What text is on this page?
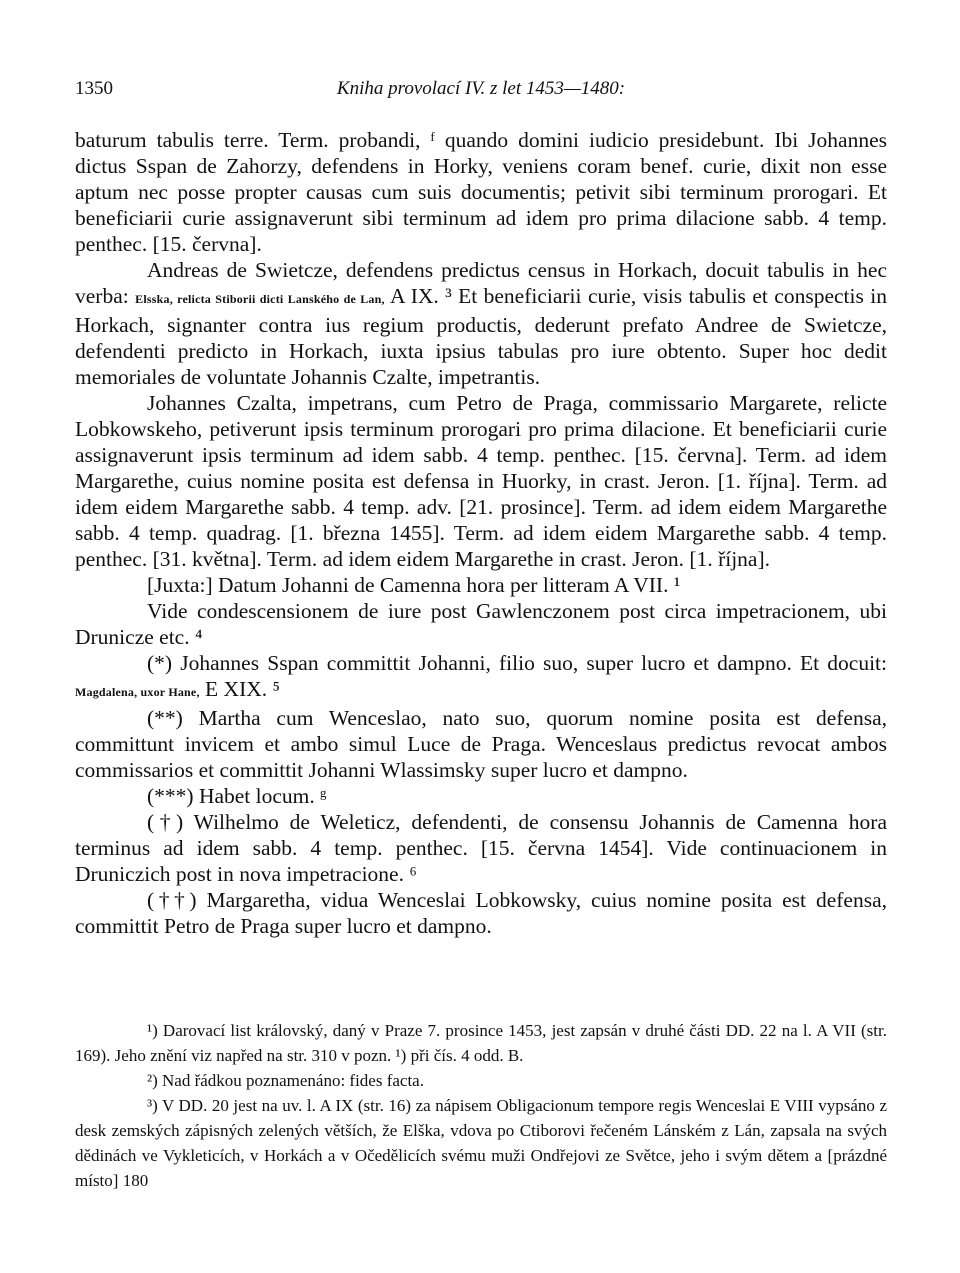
1350	Kniha provolací IV. z let 1453—1480:

baturum tabulis terre. Term. probandi, ᶠ quando domini iudicio presidebunt. Ibi Johannes dictus Sspan de Zahorzy, defendens in Horky, veniens coram benef. curie, dixit non esse aptum nec posse propter causas cum suis documentis; petivit sibi terminum prorogari. Et beneficiarii curie assignaverunt sibi terminum ad idem pro prima dilacione sabb. 4 temp. penthec. [15. června].

Andreas de Swietcze, defendens predictus census in Horkach, docuit tabulis in hec verba: Elsska, relicta Stiborii dicti Lanského de Lan, A IX. ³ Et beneficiarii curie, visis tabulis et conspectis in Horkach, signanter contra ius regium productis, dederunt prefato Andree de Swietcze, defendenti predicto in Horkach, iuxta ipsius tabulas pro iure obtento. Super hoc dedit memoriales de voluntate Johannis Czalte, impetrantis.

Johannes Czalta, impetrans, cum Petro de Praga, commissario Margarete, relicte Lobkowskeho, petiverunt ipsis terminum prorogari pro prima dilacione. Et beneficiarii curie assignaverunt ipsis terminum ad idem sabb. 4 temp. penthec. [15. června]. Term. ad idem Margarethe, cuius nomine posita est defensa in Huorky, in crast. Jeron. [1. října]. Term. ad idem eidem Margarethe sabb. 4 temp. adv. [21. prosince]. Term. ad idem eidem Margarethe sabb. 4 temp. quadrag. [1. března 1455]. Term. ad idem eidem Margarethe sabb. 4 temp. penthec. [31. května]. Term. ad idem eidem Margarethe in crast. Jeron. [1. října].

[Juxta:] Datum Johanni de Camenna hora per litteram A VII. ¹

Vide condescensionem de iure post Gawlenczonem post circa impetracionem, ubi Drunicze etc. ⁴

(*) Johannes Sspan committit Johanni, filio suo, super lucro et dampno. Et docuit: Magdalena, uxor Hane, E XIX. ⁵

(**) Martha cum Wenceslao, nato suo, quorum nomine posita est defensa, committunt invicem et ambo simul Luce de Praga. Wenceslaus predictus revocat ambos commissarios et committit Johanni Wlassimsky super lucro et dampno.

(***) Habet locum. ᵍ

(†) Wilhelmo de Weleticz, defendenti, de consensu Johannis de Camenna hora terminus ad idem sabb. 4 temp. penthec. [15. června 1454]. Vide continuacionem in Druniczich post in nova impetracione. ⁶

(††) Margaretha, vidua Wenceslai Lobkowsky, cuius nomine posita est defensa, committit Petro de Praga super lucro et dampno.

¹) Darovací list královský, daný v Praze 7. prosince 1453, jest zapsán v druhé části DD. 22 na l. A VII (str. 169). Jeho znění viz napřed na str. 310 v pozn. ¹) při čís. 4 odd. B.

²) Nad řádkou poznamenáno: fides facta.

³) V DD. 20 jest na uv. l. A IX (str. 16) za nápisem Obligacionum tempore regis Wenceslai E VIII vypsáno z desk zemských zápisných zelených větších, že Elška, vdova po Ctiborovi řečeném Lánském z Lán, zapsala na svých dědinách ve Vykleticích, v Horkách a v Očedělicích svému muži Ondřejovi ze Světce, jeho i svým dětem a [prázdné místo] 180
